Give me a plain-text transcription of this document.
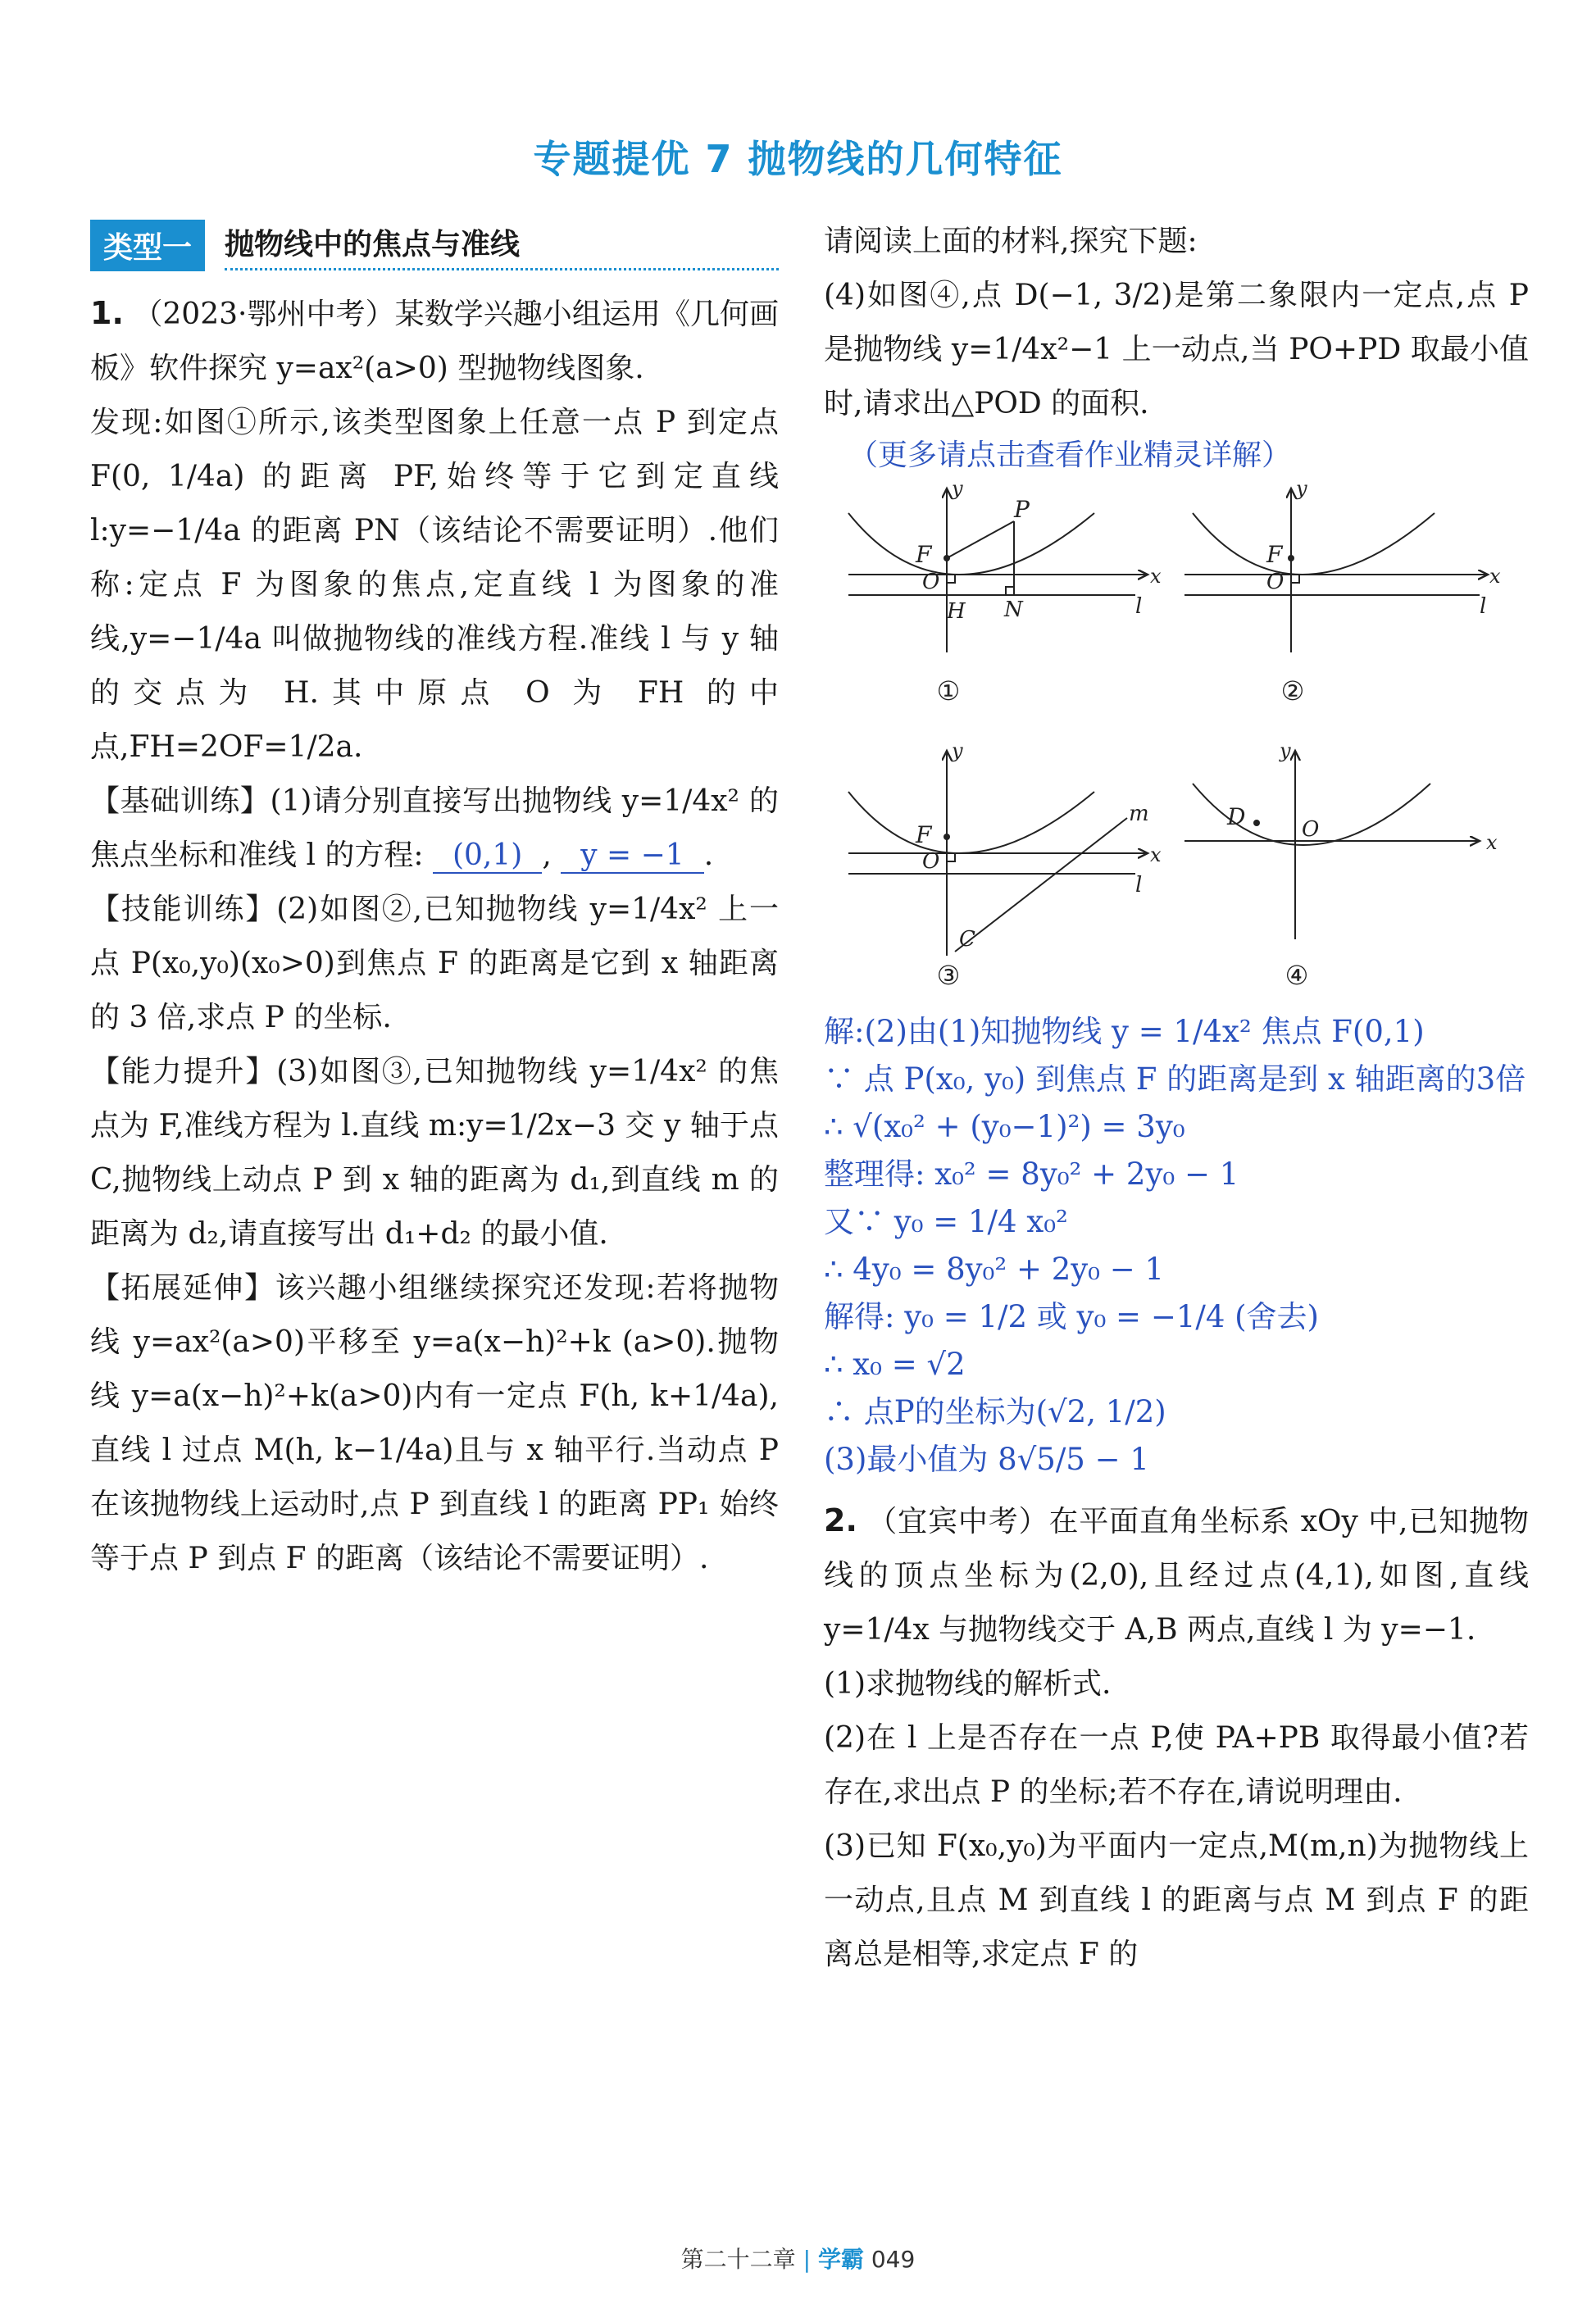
专题提优 7 抛物线的几何特征
类型一	抛物线中的焦点与准线

1. （2023·鄂州中考）某数学兴趣小组运用《几何画板》软件探究 y=ax²(a>0) 型抛物线图象.

发现:如图①所示,该类型图象上任意一点 P 到定点 F(0, 1/4a) 的距离 PF,始终等于它到定直线 l:y=−1/4a 的距离 PN（该结论不需要证明）.他们称:定点 F 为图象的焦点,定直线 l 为图象的准线,y=−1/4a 叫做抛物线的准线方程.准线 l 与 y 轴的交点为 H.其中原点 O 为 FH 的中点,FH=2OF=1/2a.

【基础训练】(1)请分别直接写出抛物线 y=1/4x² 的焦点坐标和准线 l 的方程: (0,1) , y = −1 .

【技能训练】(2)如图②,已知抛物线 y=1/4x² 上一点 P(x₀,y₀)(x₀>0)到焦点 F 的距离是它到 x 轴距离的 3 倍,求点 P 的坐标.

【能力提升】(3)如图③,已知抛物线 y=1/4x² 的焦点为 F,准线方程为 l.直线 m:y=1/2x−3 交 y 轴于点 C,抛物线上动点 P 到 x 轴的距离为 d₁,到直线 m 的距离为 d₂,请直接写出 d₁+d₂ 的最小值.

【拓展延伸】该兴趣小组继续探究还发现:若将抛物线 y=ax²(a>0)平移至 y=a(x−h)²+k (a>0).抛物线 y=a(x−h)²+k(a>0)内有一定点 F(h, k+1/4a),直线 l 过点 M(h, k−1/4a)且与 x 轴平行.当动点 P 在该抛物线上运动时,点 P 到直线 l 的距离 PP₁ 始终等于点 P 到点 F 的距离（该结论不需要证明）.

请阅读上面的材料,探究下题:

(4)如图④,点 D(−1, 3/2)是第二象限内一定点,点 P 是抛物线 y=1/4x²−1 上一动点,当 PO+PD 取最小值时,请求出△POD 的面积.

（更多请点击查看作业精灵详解）
F
P
O
H N
x
l
y
①
F
O	x
l
y
②
F
O
C
m
x
l
y
③
D	O
x
y
④
解:(2)由(1)知抛物线 y = 1/4x² 焦点 F(0,1)
∵ 点 P(x₀, y₀) 到焦点 F 的距离是到 x 轴距离的3倍
∴ √(x₀² + (y₀−1)²) = 3y₀
整理得: x₀² = 8y₀² + 2y₀ − 1
又∵ y₀ = 1/4 x₀²
∴ 4y₀ = 8y₀² + 2y₀ − 1
解得: y₀ = 1/2 或 y₀ = −1/4 (舍去)
∴ x₀ = √2
∴ 点P的坐标为(√2, 1/2)
(3)最小值为 8√5/5 − 1

2. （宜宾中考）在平面直角坐标系 xOy 中,已知抛物线的顶点坐标为(2,0),且经过点(4,1),如图,直线 y=1/4x 与抛物线交于 A,B 两点,直线 l 为 y=−1.

(1)求抛物线的解析式.

(2)在 l 上是否存在一点 P,使 PA+PB 取得最小值?若存在,求出点 P 的坐标;若不存在,请说明理由.

(3)已知 F(x₀,y₀)为平面内一定点,M(m,n)为抛物线上一动点,且点 M 到直线 l 的距离与点 M 到点 F 的距离总是相等,求定点 F 的

第二十二章 | 学霸 049
